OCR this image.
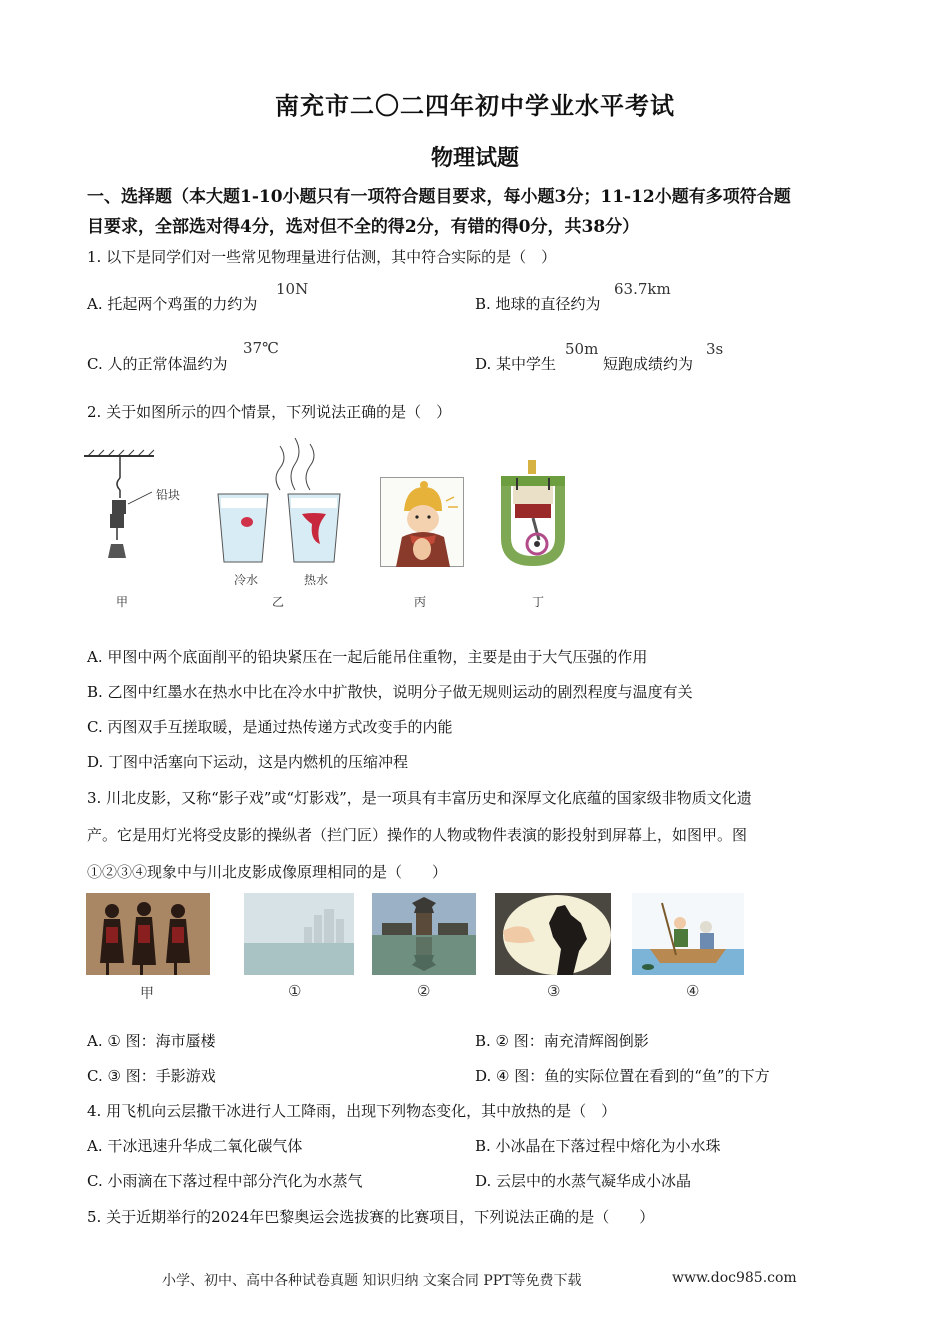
南充市二〇二四年初中学业水平考试
物理试题
一、选择题（本大题1-10小题只有一项符合题目要求，每小题3分；11-12小题有多项符合题
目要求，全部选对得4分，选对但不全的得2分，有错的得0分，共38分）
1. 以下是同学们对一些常见物理量进行估测，其中符合实际的是（　）
A. 托起两个鸡蛋的力约为
10N
B. 地球的直径约为
63.7km
C. 人的正常体温约为
37℃
D. 某中学生
50m
短跑成绩约为
3s
2. 关于如图所示的四个情景，下列说法正确的是（　）
铅块
甲
冷水	热水
乙	丙	丁
A. 甲图中两个底面削平的铅块紧压在一起后能吊住重物，主要是由于大气压强的作用
B. 乙图中红墨水在热水中比在冷水中扩散快，说明分子做无规则运动的剧烈程度与温度有关
C. 丙图双手互搓取暖，是通过热传递方式改变手的内能
D. 丁图中活塞向下运动，这是内燃机的压缩冲程
3. 川北皮影，又称“影子戏”或“灯影戏”，是一项具有丰富历史和深厚文化底蕴的国家级非物质文化遗
产。它是用灯光将受皮影的操纵者（拦门匠）操作的人物或物件表演的影投射到屏幕上，如图甲。图
①②③④现象中与川北皮影成像原理相同的是（　　）
甲	①	②	③	④
A. ① 图：海市蜃楼	B. ② 图：南充清辉阁倒影
C. ③ 图：手影游戏	D. ④ 图：鱼的实际位置在看到的“鱼”的下方
4. 用飞机向云层撒干冰进行人工降雨，出现下列物态变化，其中放热的是（　）
A. 干冰迅速升华成二氧化碳气体	B. 小冰晶在下落过程中熔化为小水珠
C. 小雨滴在下落过程中部分汽化为水蒸气	D. 云层中的水蒸气凝华成小冰晶
5. 关于近期举行的2024年巴黎奥运会选拔赛的比赛项目，下列说法正确的是（　　）
小学、初中、高中各种试卷真题 知识归纳 文案合同 PPT等免费下载	www.doc985.com
